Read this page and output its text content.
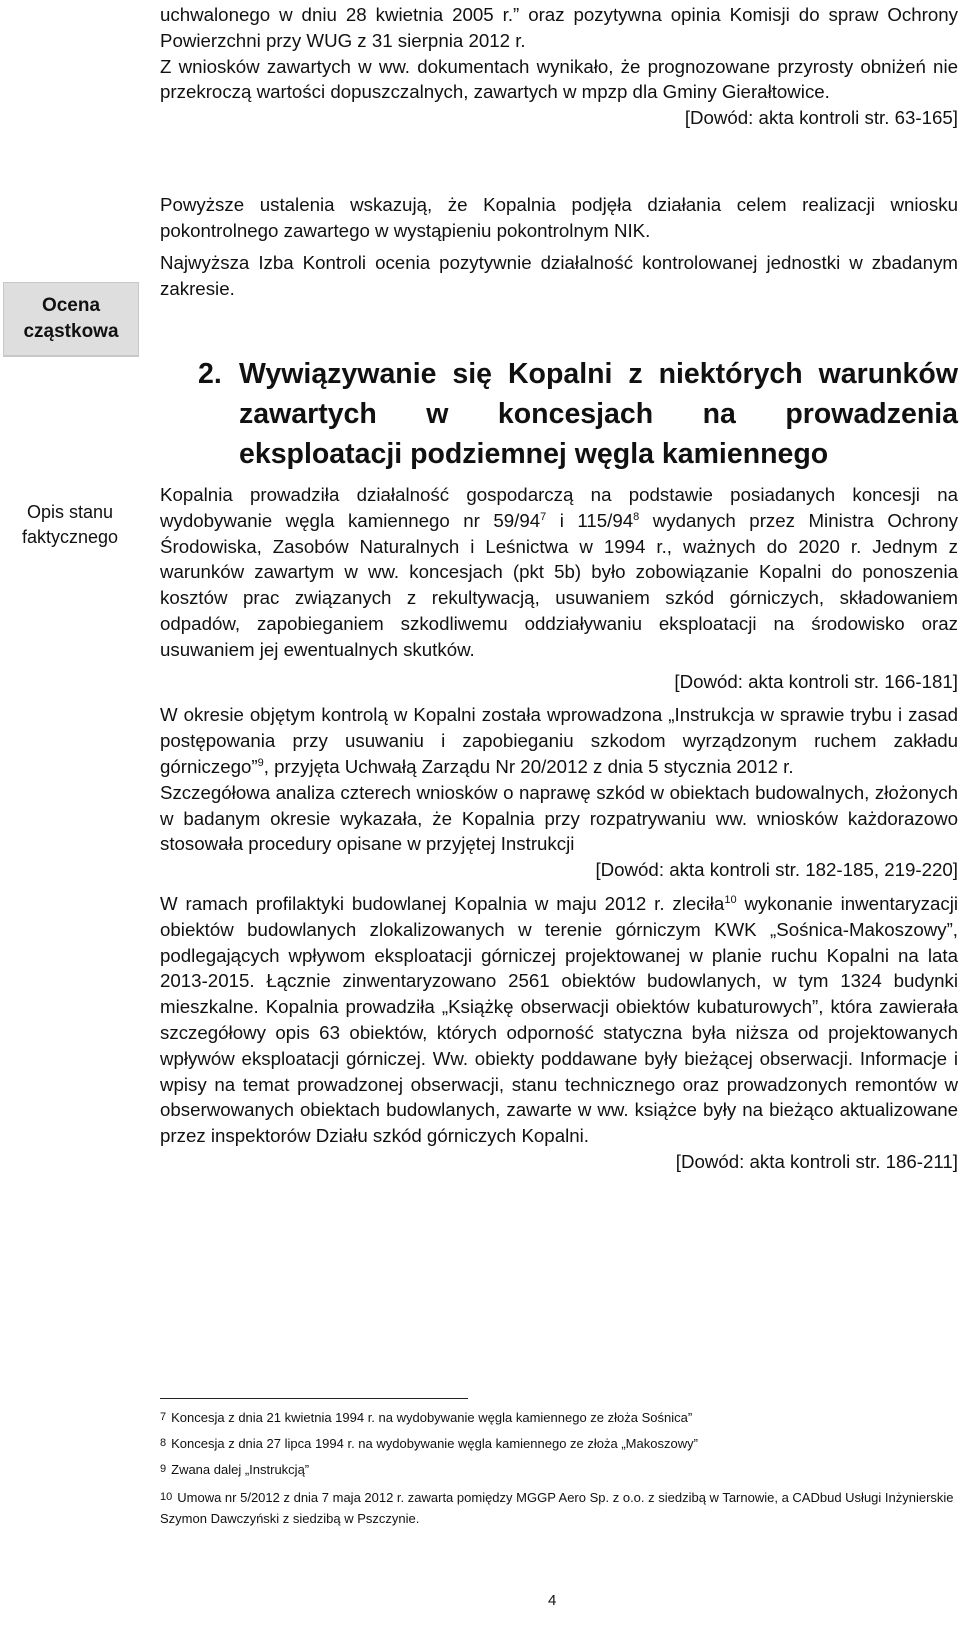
uchwalonego w dniu 28 kwietnia 2005 r.” oraz pozytywna opinia Komisji do spraw Ochrony Powierzchni przy WUG z 31 sierpnia 2012 r.

Z wniosków zawartych w ww. dokumentach wynikało, że prognozowane przyrosty obniżeń nie przekroczą wartości dopuszczalnych, zawartych w mpzp dla Gminy Gierałtowice.

[Dowód: akta kontroli str. 63-165]

Powyższe ustalenia wskazują, że Kopalnia podjęła działania celem realizacji wniosku pokontrolnego zawartego w wystąpieniu pokontrolnym NIK.

Ocena
cząstkowa

Najwyższa Izba Kontroli ocenia pozytywnie działalność kontrolowanej jednostki w zbadanym zakresie.

2. Wywiązywanie się Kopalni z niektórych warunków zawartych w koncesjach na prowadzenia eksploatacji podziemnej węgla kamiennego
Opis stanu
faktycznego

Kopalnia prowadziła działalność gospodarczą na podstawie posiadanych koncesji na wydobywanie węgla kamiennego nr $59/94^7$ i $115/94^8$ wydanych przez Ministra Ochrony Środowiska, Zasobów Naturalnych i Leśnictwa w 1994 r., ważnych do 2020 r. Jednym z warunków zawartym w ww. koncesjach (pkt 5b) było zobowiązanie Kopalni do ponoszenia kosztów prac związanych z rekultywacją, usuwaniem szkód górniczych, składowaniem odpadów, zapobieganiem szkodliwemu oddziaływaniu eksploatacji na środowisko oraz usuwaniem jej ewentualnych skutków.

[Dowód: akta kontroli str. 166-181]

W okresie objętym kontrolą w Kopalni została wprowadzona „Instrukcja w sprawie trybu i zasad postępowania przy usuwaniu i zapobieganiu szkodom wyrządzonym ruchem zakładu górniczego”$^9$, przyjęta Uchwałą Zarządu Nr 20/2012 z dnia 5 stycznia 2012 r.

Szczegółowa analiza czterech wniosków o naprawę szkód w obiektach budowalnych, złożonych w badanym okresie wykazała, że Kopalnia przy rozpatrywaniu ww. wniosków każdorazowo stosowała procedury opisane w przyjętej Instrukcji

[Dowód: akta kontroli str. 182-185, 219-220]

W ramach profilaktyki budowlanej Kopalnia w maju 2012 r. zleciła$^{10}$ wykonanie inwentaryzacji obiektów budowlanych zlokalizowanych w terenie górniczym KWK „Sośnica-Makoszowy”, podlegających wpływom eksploatacji górniczej projektowanej w planie ruchu Kopalni na lata 2013-2015. Łącznie zinwentaryzowano 2561 obiektów budowlanych, w tym 1324 budynki mieszkalne. Kopalnia prowadziła „Książkę obserwacji obiektów kubaturowych”, która zawierała szczegółowy opis 63 obiektów, których odporność statyczna była niższa od projektowanych wpływów eksploatacji górniczej. Ww. obiekty poddawane były bieżącej obserwacji. Informacje i wpisy na temat prowadzonej obserwacji, stanu technicznego oraz prowadzonych remontów w obserwowanych obiektach budowlanych, zawarte w ww. książce były na bieżąco aktualizowane przez inspektorów Działu szkód górniczych Kopalni.

[Dowód: akta kontroli str. 186-211]

7 Koncesja z dnia 21 kwietnia 1994 r. na wydobywanie węgla kamiennego ze złoża Sośnica”
8 Koncesja z dnia 27 lipca 1994 r. na wydobywanie węgla kamiennego ze złoża „Makoszowy”
9 Zwana dalej „Instrukcją”
10 Umowa nr 5/2012 z dnia 7 maja 2012 r. zawarta pomiędzy MGGP Aero Sp. z o.o. z siedzibą w Tarnowie, a CADbud Usługi Inżynierskie Szymon Dawczyński z siedzibą w Pszczynie.
4
